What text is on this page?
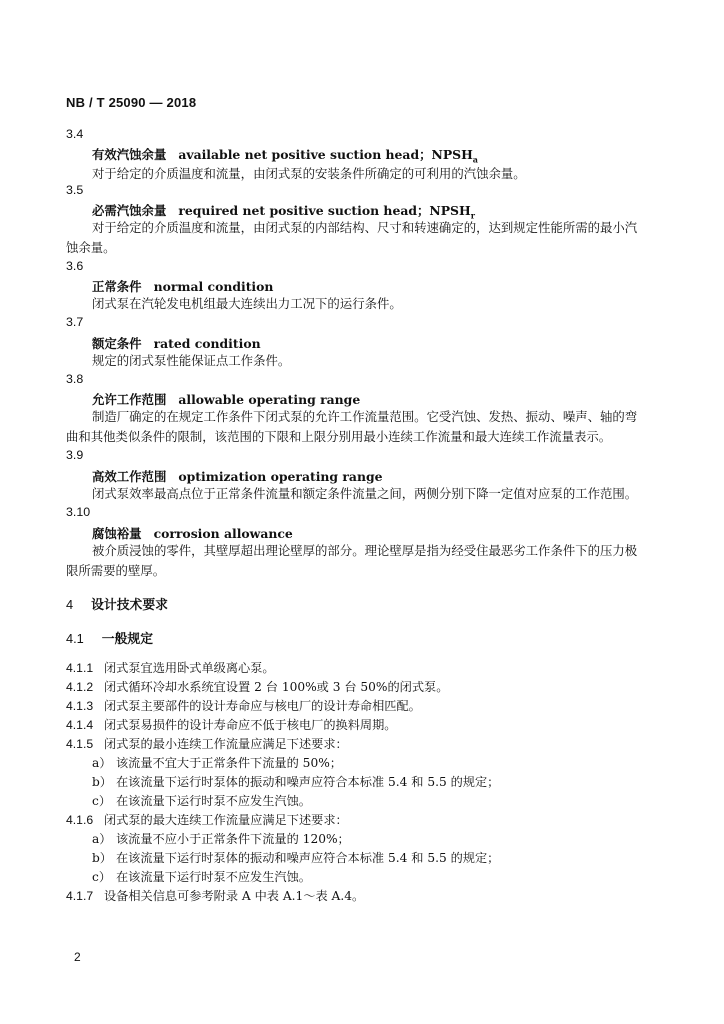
NB / T 25090 — 2018
3.4
有效汽蚀余量 available net positive suction head；$NPSH_a$
对于给定的介质温度和流量，由闭式泵的安装条件所确定的可利用的汽蚀余量。
3.5
必需汽蚀余量 required net positive suction head；$NPSH_r$
对于给定的介质温度和流量，由闭式泵的内部结构、尺寸和转速确定的，达到规定性能所需的最小汽蚀余量。
3.6
正常条件 normal condition
闭式泵在汽轮发电机组最大连续出力工况下的运行条件。
3.7
额定条件 rated condition
规定的闭式泵性能保证点工作条件。
3.8
允许工作范围 allowable operating range
制造厂确定的在规定工作条件下闭式泵的允许工作流量范围。它受汽蚀、发热、振动、噪声、轴的弯曲和其他类似条件的限制，该范围的下限和上限分别用最小连续工作流量和最大连续工作流量表示。
3.9
高效工作范围 optimization operating range
闭式泵效率最高点位于正常条件流量和额定条件流量之间，两侧分别下降一定值对应泵的工作范围。
3.10
腐蚀裕量 corrosion allowance
被介质浸蚀的零件，其壁厚超出理论壁厚的部分。理论壁厚是指为经受住最恶劣工作条件下的压力极限所需要的壁厚。
4 设计技术要求
4.1 一般规定
4.1.1 闭式泵宜选用卧式单级离心泵。
4.1.2 闭式循环冷却水系统宜设置 2 台 100%或 3 台 50%的闭式泵。
4.1.3 闭式泵主要部件的设计寿命应与核电厂的设计寿命相匹配。
4.1.4 闭式泵易损件的设计寿命应不低于核电厂的换料周期。
4.1.5 闭式泵的最小连续工作流量应满足下述要求：
a） 该流量不宜大于正常条件下流量的 50%；
b） 在该流量下运行时泵体的振动和噪声应符合本标准 5.4 和 5.5 的规定；
c） 在该流量下运行时泵不应发生汽蚀。
4.1.6 闭式泵的最大连续工作流量应满足下述要求：
a） 该流量不应小于正常条件下流量的 120%；
b） 在该流量下运行时泵体的振动和噪声应符合本标准 5.4 和 5.5 的规定；
c） 在该流量下运行时泵不应发生汽蚀。
4.1.7 设备相关信息可参考附录 A 中表 A.1～表 A.4。
2
